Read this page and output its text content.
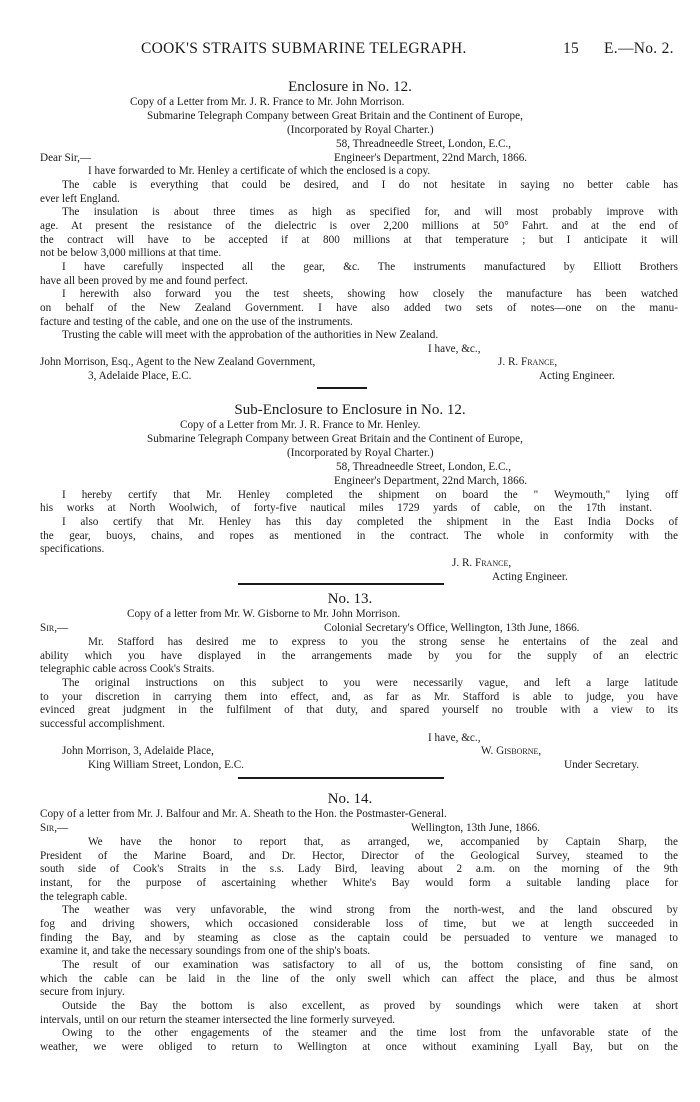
COOK'S STRAITS SUBMARINE TELEGRAPH.	15 E.—No. 2.
Enclosure in No. 12.
Copy of a Letter from Mr. J. R. France to Mr. John Morrison.
Submarine Telegraph Company between Great Britain and the Continent of Europe,
(Incorporated by Royal Charter.)
58, Threadneedle Street, London, E.C.,
Dear Sir,—	Engineer's Department, 22nd March, 1866.
I have forwarded to Mr. Henley a certificate of which the enclosed is a copy.
The cable is everything that could be desired, and I do not hesitate in saying no better cable has
ever left England.
The insulation is about three times as high as specified for, and will most probably improve with
age. At present the resistance of the dielectric is over 2,200 millions at 50° Fahrt. and at the end of
the contract will have to be accepted if at 800 millions at that temperature ; but I anticipate it will
not be below 3,000 millions at that time.
I have carefully inspected all the gear, &c. The instruments manufactured by Elliott Brothers
have all been proved by me and found perfect.
I herewith also forward you the test sheets, showing how closely the manufacture has been watched
on behalf of the New Zealand Government. I have also added two sets of notes—one on the manu-
facture and testing of the cable, and one on the use of the instruments.
Trusting the cable will meet with the approbation of the authorities in New Zealand.
I have, &c.,
John Morrison, Esq., Agent to the New Zealand Government,	J. R. France,
3, Adelaide Place, E.C.	Acting Engineer.
Sub-Enclosure to Enclosure in No. 12.
Copy of a Letter from Mr. J. R. France to Mr. Henley.
Submarine Telegraph Company between Great Britain and the Continent of Europe,
(Incorporated by Royal Charter.)
58, Threadneedle Street, London, E.C.,
Engineer's Department, 22nd March, 1866.
I hereby certify that Mr. Henley completed the shipment on board the " Weymouth," lying off
his works at North Woolwich, of forty-five nautical miles 1729 yards of cable, on the 17th instant.
I also certify that Mr. Henley has this day completed the shipment in the East India Docks of
the gear, buoys, chains, and ropes as mentioned in the contract. The whole in conformity with the
specifications.
J. R. France,
Acting Engineer.
No. 13.
Copy of a letter from Mr. W. Gisborne to Mr. John Morrison.
Sir,—	Colonial Secretary's Office, Wellington, 13th June, 1866.
Mr. Stafford has desired me to express to you the strong sense he entertains of the zeal and
ability which you have displayed in the arrangements made by you for the supply of an electric
telegraphic cable across Cook's Straits.
The original instructions on this subject to you were necessarily vague, and left a large latitude
to your discretion in carrying them into effect, and, as far as Mr. Stafford is able to judge, you have
evinced great judgment in the fulfilment of that duty, and spared yourself no trouble with a view to its
successful accomplishment.
I have, &c.,
John Morrison, 3, Adelaide Place,	W. Gisborne,
King William Street, London, E.C.	Under Secretary.
No. 14.
Copy of a letter from Mr. J. Balfour and Mr. A. Sheath to the Hon. the Postmaster-General.
Sir,—	Wellington, 13th June, 1866.
We have the honor to report that, as arranged, we, accompanied by Captain Sharp, the
President of the Marine Board, and Dr. Hector, Director of the Geological Survey, steamed to the
south side of Cook's Straits in the s.s. Lady Bird, leaving about 2 a.m. on the morning of the 9th
instant, for the purpose of ascertaining whether White's Bay would form a suitable landing place for
the telegraph cable.
The weather was very unfavorable, the wind strong from the north-west, and the land obscured by
fog and driving showers, which occasioned considerable loss of time, but we at length succeeded in
finding the Bay, and by steaming as close as the captain could be persuaded to venture we managed to
examine it, and take the necessary soundings from one of the ship's boats.
The result of our examination was satisfactory to all of us, the bottom consisting of fine sand, on
which the cable can be laid in the line of the only swell which can affect the place, and thus be almost
secure from injury.
Outside the Bay the bottom is also excellent, as proved by soundings which were taken at short
intervals, until on our return the steamer intersected the line formerly surveyed.
Owing to the other engagements of the steamer and the time lost from the unfavorable state of the
weather, we were obliged to return to Wellington at once without examining Lyall Bay, but on the
